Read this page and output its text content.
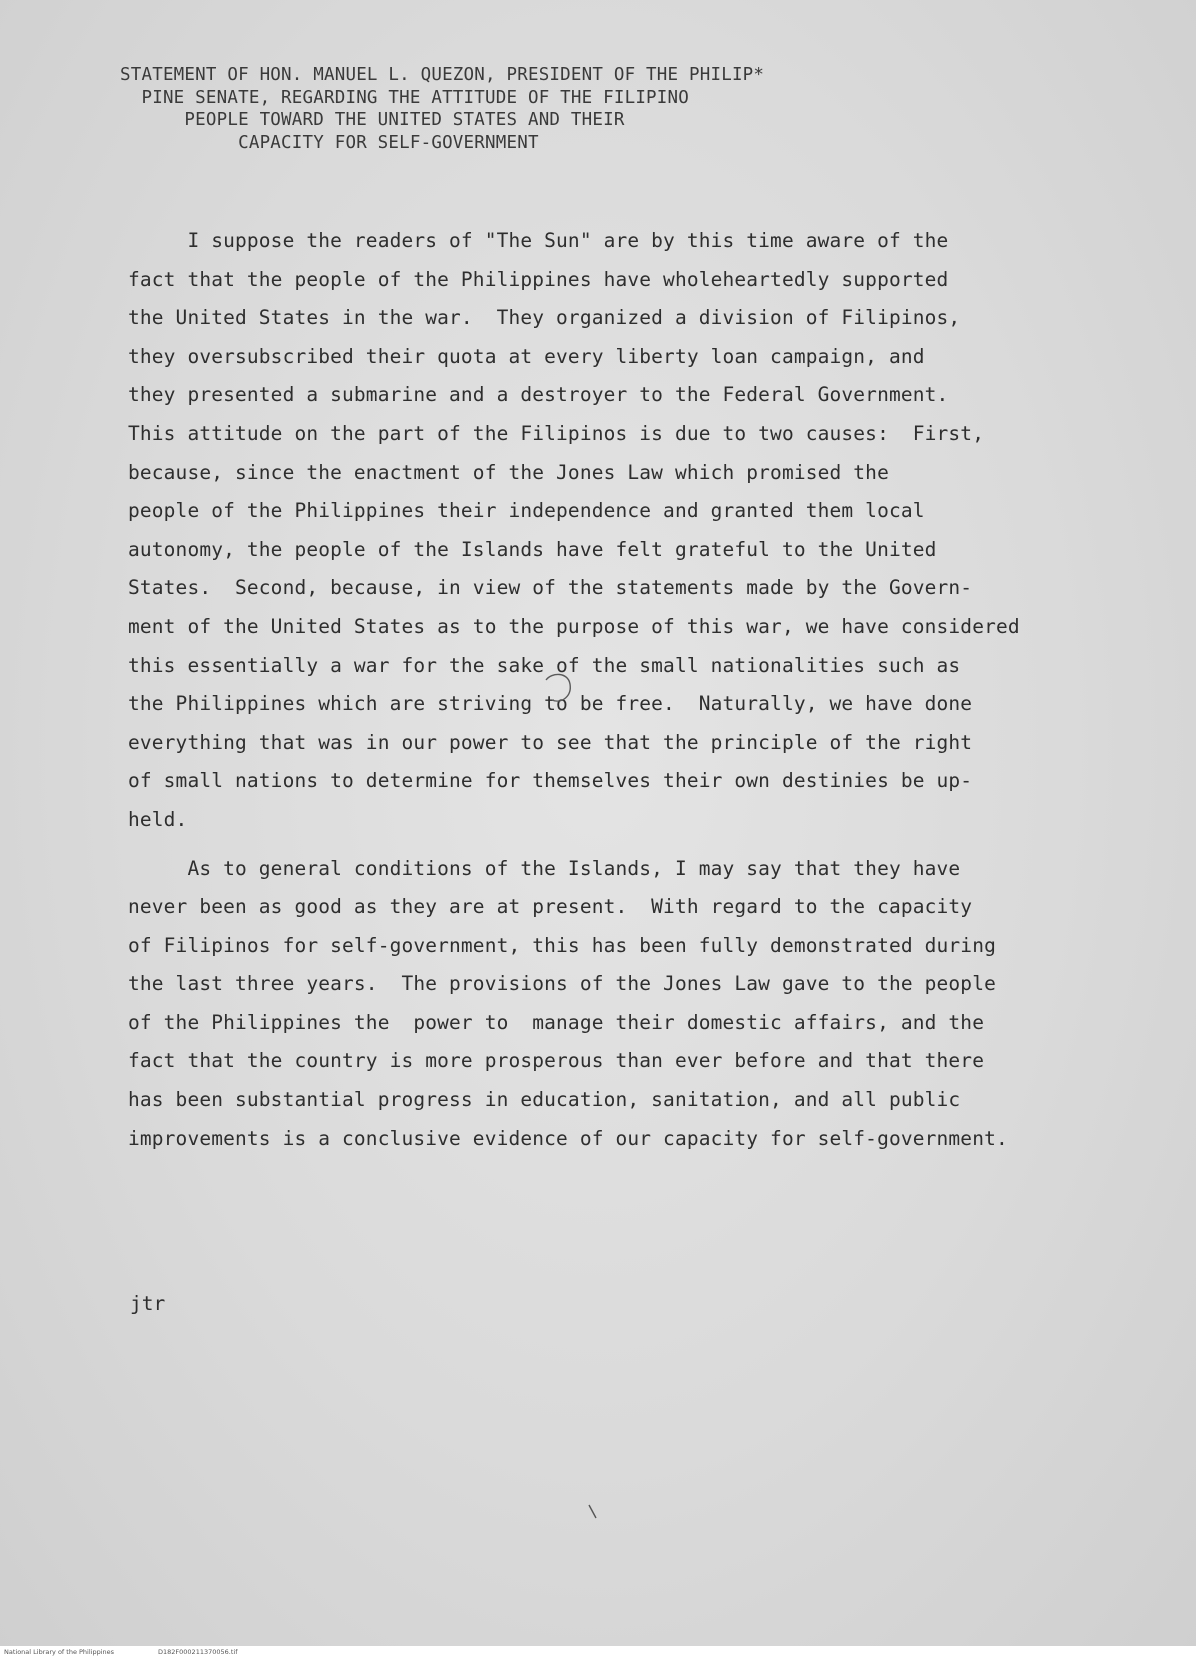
STATEMENT OF HON. MANUEL L. QUEZON, PRESIDENT OF THE PHILIP*
PINE SENATE, REGARDING THE ATTITUDE OF THE FILIPINO
PEOPLE TOWARD THE UNITED STATES AND THEIR
CAPACITY FOR SELF-GOVERNMENT

I suppose the readers of "The Sun" are by this time aware of the
fact that the people of the Philippines have wholeheartedly supported
the United States in the war.  They organized a division of Filipinos,
they oversubscribed their quota at every liberty loan campaign, and
they presented a submarine and a destroyer to the Federal Government.
This attitude on the part of the Filipinos is due to two causes:  First,
because, since the enactment of the Jones Law which promised the
people of the Philippines their independence and granted them local
autonomy, the people of the Islands have felt grateful to the United
States.  Second, because, in view of the statements made by the Govern-
ment of the United States as to the purpose of this war, we have considered
this essentially a war for the sake of the small nationalities such as
the Philippines which are striving to be free.  Naturally, we have done
everything that was in our power to see that the principle of the right
of small nations to determine for themselves their own destinies be up-
held.

As to general conditions of the Islands, I may say that they have
never been as good as they are at present.  With regard to the capacity
of Filipinos for self-government, this has been fully demonstrated during
the last three years.  The provisions of the Jones Law gave to the people
of the Philippines the  power to  manage their domestic affairs, and the
fact that the country is more prosperous than ever before and that there
has been substantial progress in education, sanitation, and all public
improvements is a conclusive evidence of our capacity for self-government.

jtr
National Library of the Philippines	D182F000211370056.tif
